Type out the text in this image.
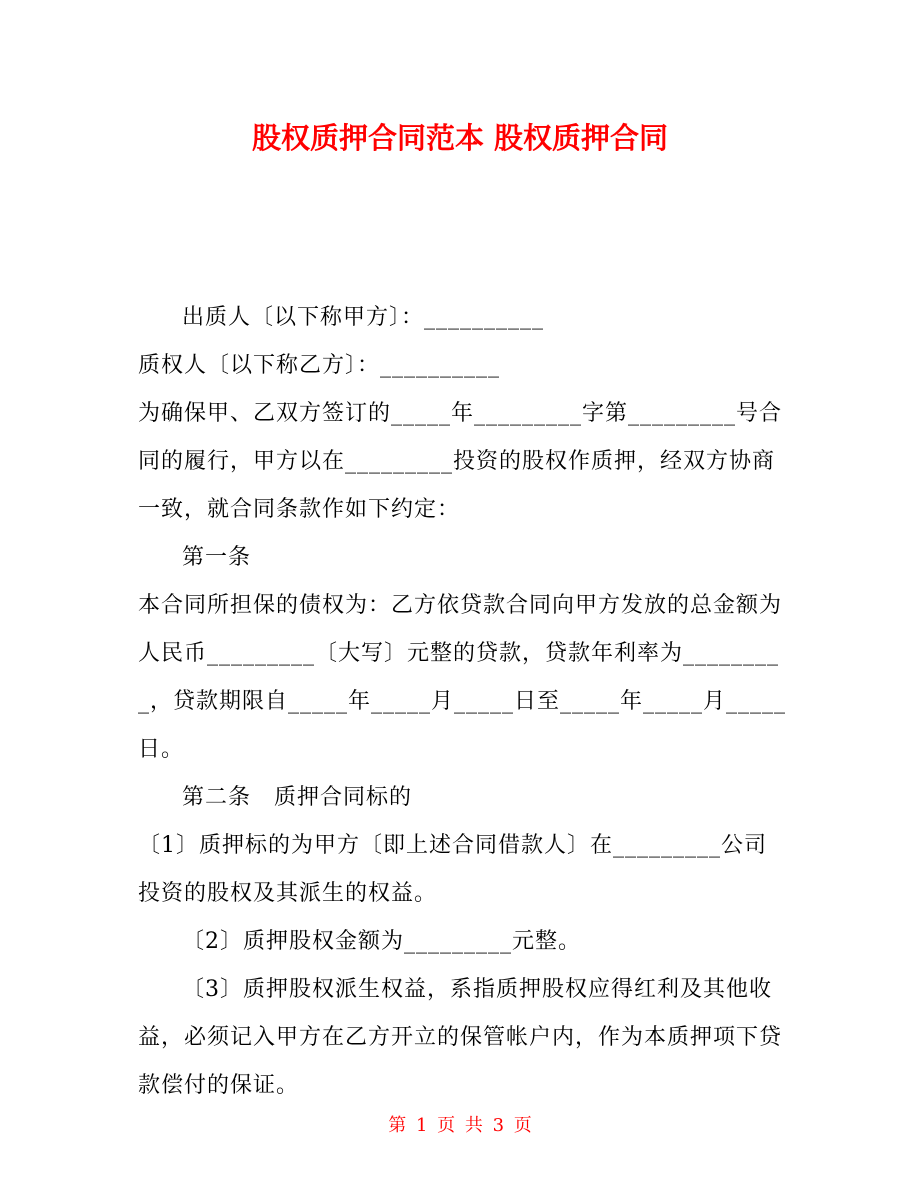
股权质押合同范本 股权质押合同

出质人〔以下称甲方〕：__________

质权人〔以下称乙方〕：__________

为确保甲、乙双方签订的_____年_________字第_________号合同的履行，甲方以在_________投资的股权作质押，经双方协商一致，就合同条款作如下约定：

第一条

本合同所担保的债权为：乙方依贷款合同向甲方发放的总金额为人民币_________〔大写〕元整的贷款，贷款年利率为_________，贷款期限自_____年_____月_____日至_____年_____月_____日。

第二条　质押合同标的

〔1〕质押标的为甲方〔即上述合同借款人〕在_________公司投资的股权及其派生的权益。

〔2〕质押股权金额为_________元整。

〔3〕质押股权派生权益，系指质押股权应得红利及其他收益，必须记入甲方在乙方开立的保管帐户内，作为本质押项下贷款偿付的保证。

第 1 页 共 3 页
